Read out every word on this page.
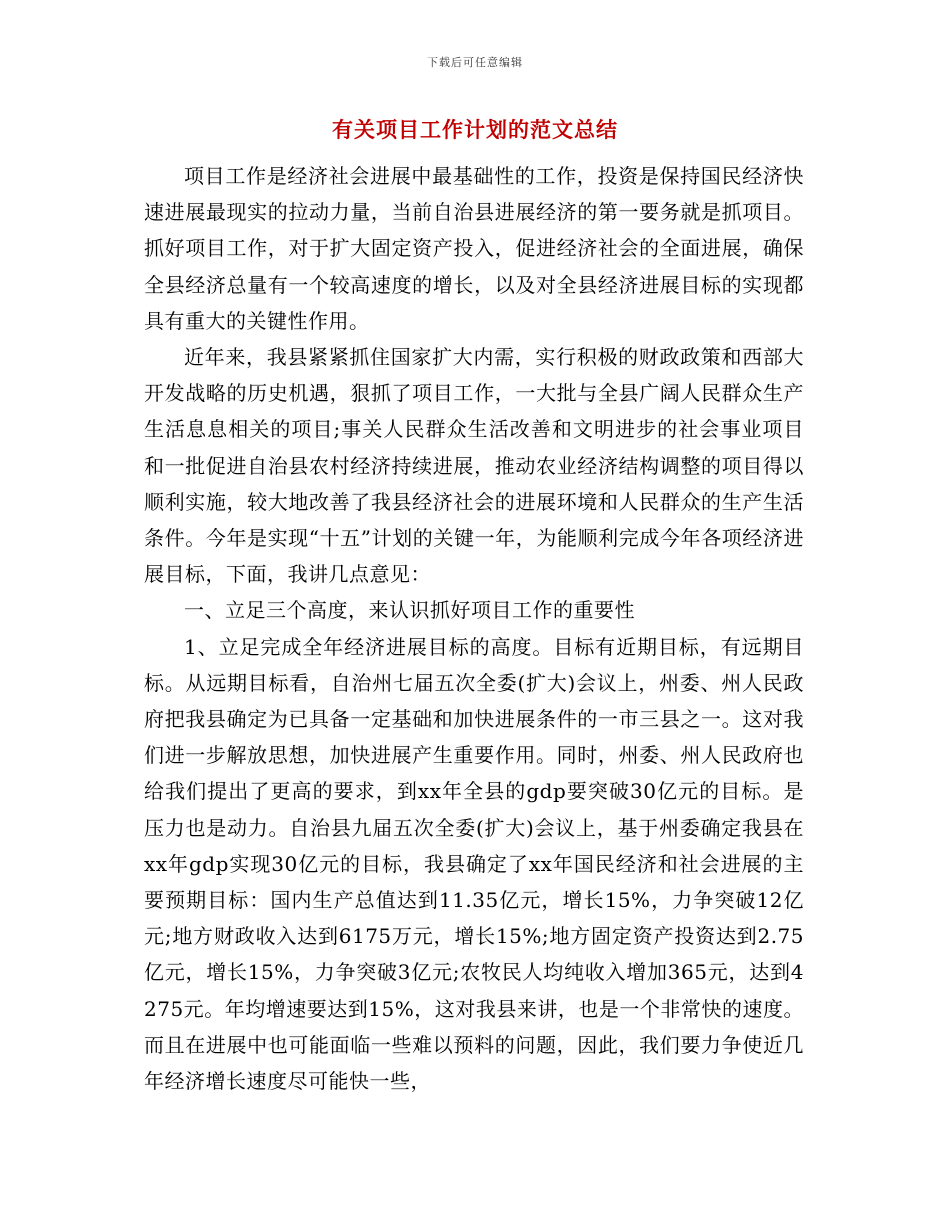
下载后可任意编辑
有关项目工作计划的范文总结

项目工作是经济社会进展中最基础性的工作，投资是保持国民经济快速进展最现实的拉动力量，当前自治县进展经济的第一要务就是抓项目。抓好项目工作，对于扩大固定资产投入，促进经济社会的全面进展，确保全县经济总量有一个较高速度的增长，以及对全县经济进展目标的实现都具有重大的关键性作用。

近年来，我县紧紧抓住国家扩大内需，实行积极的财政政策和西部大开发战略的历史机遇，狠抓了项目工作，一大批与全县广阔人民群众生产生活息息相关的项目;事关人民群众生活改善和文明进步的社会事业项目和一批促进自治县农村经济持续进展，推动农业经济结构调整的项目得以顺利实施，较大地改善了我县经济社会的进展环境和人民群众的生产生活条件。今年是实现“十五”计划的关键一年，为能顺利完成今年各项经济进展目标，下面，我讲几点意见：

一、立足三个高度，来认识抓好项目工作的重要性

1、立足完成全年经济进展目标的高度。目标有近期目标，有远期目标。从远期目标看，自治州七届五次全委(扩大)会议上，州委、州人民政府把我县确定为已具备一定基础和加快进展条件的一市三县之一。这对我们进一步解放思想，加快进展产生重要作用。同时，州委、州人民政府也给我们提出了更高的要求，到xx年全县的gdp要突破30亿元的目标。是压力也是动力。自治县九届五次全委(扩大)会议上，基于州委确定我县在xx年gdp实现30亿元的目标，我县确定了xx年国民经济和社会进展的主要预期目标：国内生产总值达到11.35亿元，增长15%，力争突破12亿元;地方财政收入达到6175万元，增长15%;地方固定资产投资达到2.75亿元，增长15%，力争突破3亿元;农牧民人均纯收入增加365元，达到4275元。年均增速要达到15%，这对我县来讲，也是一个非常快的速度。而且在进展中也可能面临一些难以预料的问题，因此，我们要力争使近几年经济增长速度尽可能快一些，
